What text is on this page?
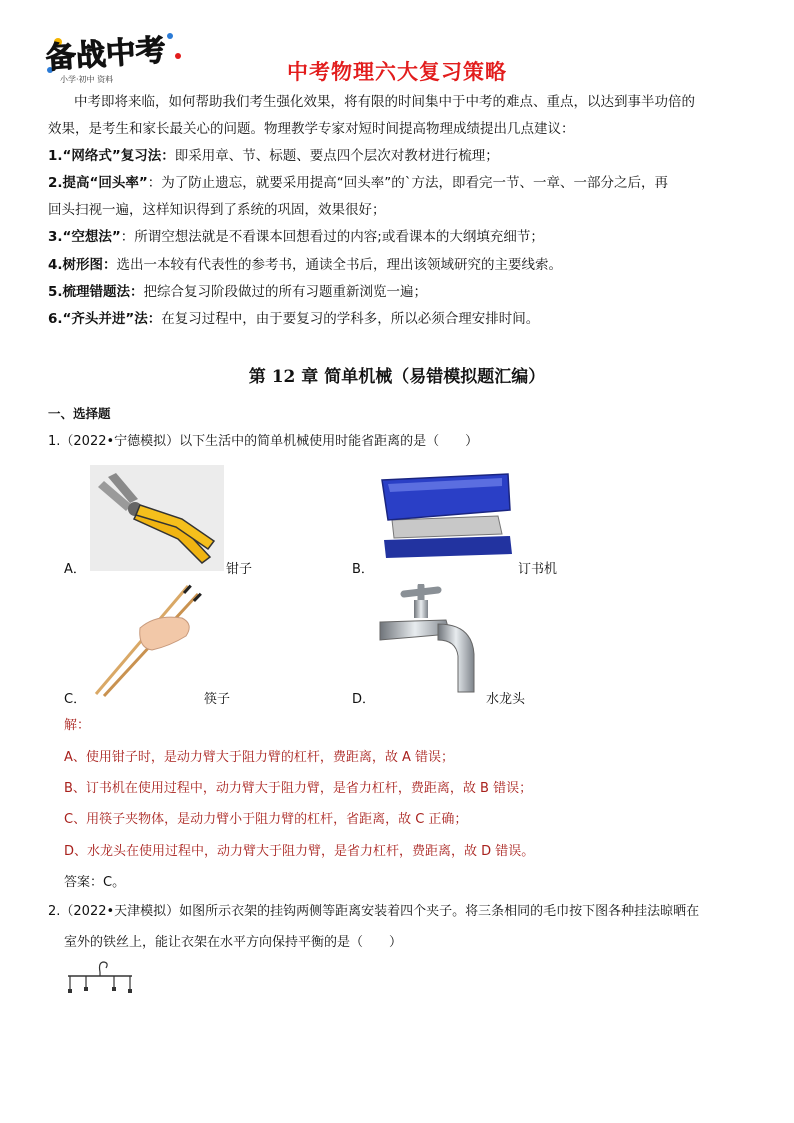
备战中考
小学·初中 资料	中考物理六大复习策略
中考即将来临，如何帮助我们考生强化效果，将有限的时间集中于中考的难点、重点，以达到事半功倍的
效果，是考生和家长最关心的问题。物理教学专家对短时间提高物理成绩提出几点建议：
1.“网络式”复习法：即采用章、节、标题、要点四个层次对教材进行梳理；
2.提高“回头率”：为了防止遗忘，就要采用提高“回头率”的`方法，即看完一节、一章、一部分之后，再
回头扫视一遍，这样知识得到了系统的巩固，效果很好；
3.“空想法”：所谓空想法就是不看课本回想看过的内容;或看课本的大纲填充细节；
4.树形图：选出一本较有代表性的参考书，通读全书后，理出该领域研究的主要线索。
5.梳理错题法：把综合复习阶段做过的所有习题重新浏览一遍；
6.“齐头并进”法：在复习过程中，由于要复习的学科多，所以必须合理安排时间。
第 12 章 简单机械（易错模拟题汇编）
一、选择题
1.（2022•宁德模拟）以下生活中的简单机械使用时能省距离的是（　　）
A．	钳子	B．	订书机
C．	筷子	D．	水龙头
解：
A、使用钳子时，是动力臂大于阻力臂的杠杆，费距离，故 A 错误；
B、订书机在使用过程中，动力臂大于阻力臂，是省力杠杆，费距离，故 B 错误；
C、用筷子夹物体，是动力臂小于阻力臂的杠杆，省距离，故 C 正确；
D、水龙头在使用过程中，动力臂大于阻力臂，是省力杠杆，费距离，故 D 错误。
答案：C。
2.（2022•天津模拟）如图所示衣架的挂钩两侧等距离安装着四个夹子。将三条相同的毛巾按下图各种挂法晾晒在
室外的铁丝上，能让衣架在水平方向保持平衡的是（　　）
